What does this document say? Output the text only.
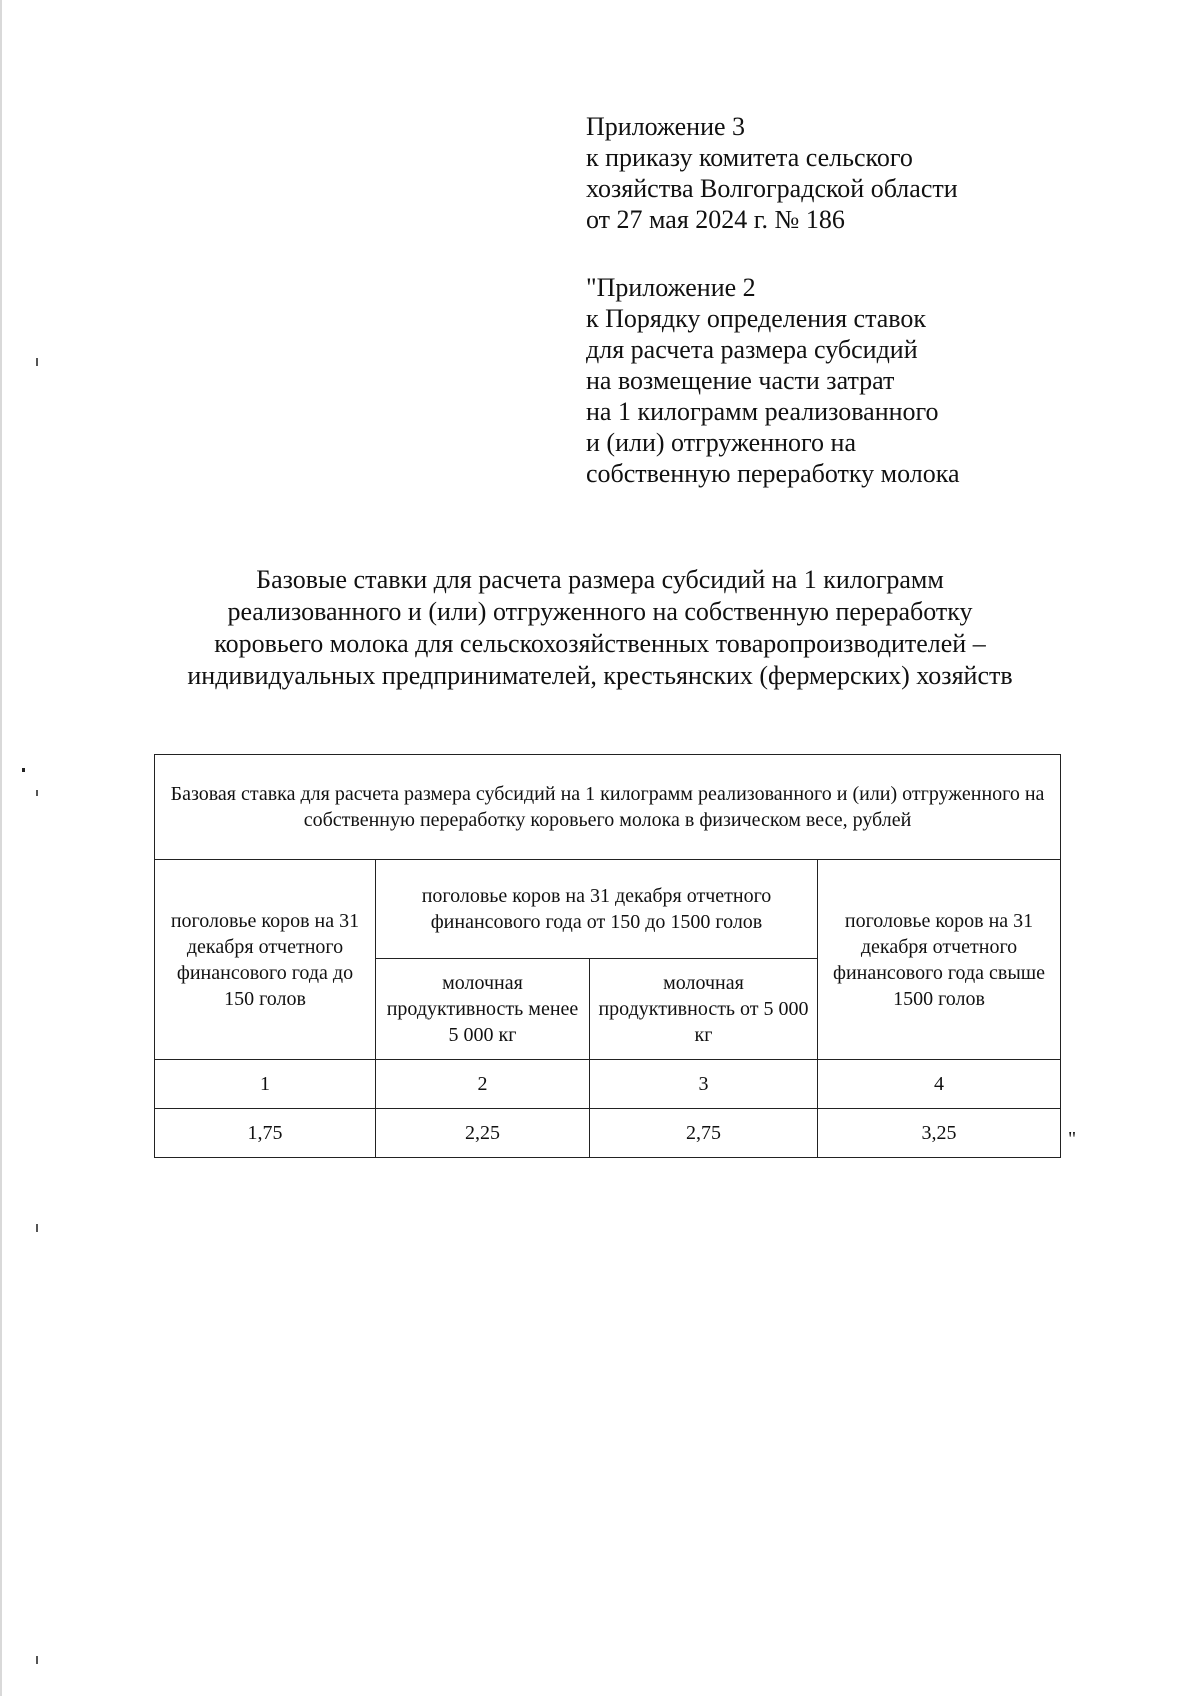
Приложение 3

к приказу комитета сельского

хозяйства Волгоградской области

от 27 мая 2024 г. № 186

"Приложение 2

к Порядку определения ставок

для расчета размера субсидий

на возмещение части затрат

на 1 килограмм реализованного

и (или) отгруженного на

собственную переработку молока

Базовые ставки для расчета размера субсидий на 1 килограмм

реализованного и (или) отгруженного на собственную переработку

коровьего молока для сельскохозяйственных товаропроизводителей –

индивидуальных предпринимателей, крестьянских (фермерских) хозяйств

Базовая ставка для расчета размера субсидий на 1 килограмм реализованного и (или) отгруженного на собственную переработку коровьего молока в физическом весе, рублей			
поголовье коров на 31 декабря отчетного финансового года до 150 голов	поголовье коров на 31 декабря отчетного финансового года от 150 до 1500 голов		поголовье коров на 31 декабря отчетного финансового года свыше 1500 голов
	молочная продуктивность менее 5 000 кг	молочная продуктивность от 5 000 кг	
1	2	3	4
1,75	2,25	2,75	3,25	"
